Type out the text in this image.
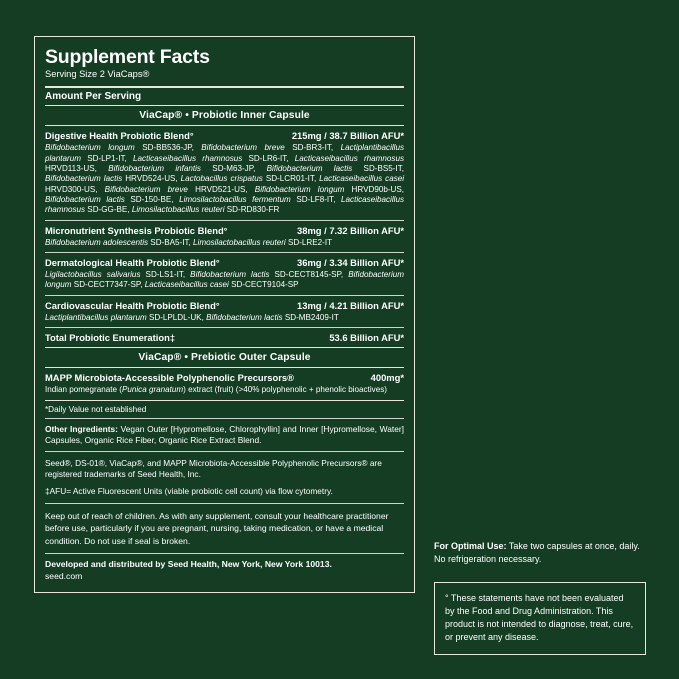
Supplement Facts
Serving Size 2 ViaCaps®
Amount Per Serving
ViaCap® • Probiotic Inner Capsule
Digestive Health Probiotic Blend°	215mg / 38.7 Billion AFU*
Bifidobacterium longum SD-BB536-JP, Bifidobacterium breve SD-BR3-IT, Lactiplantibacillus plantarum SD-LP1-IT, Lacticaseibacillus rhamnosus SD-LR6-IT, Lacticaseibacillus rhamnosus HRVD113-US, Bifidobacterium infantis SD-M63-JP, Bifidobacterium lactis SD-BS5-IT, Bifidobacterium lactis HRVD524-US, Lactobacillus crispatus SD-LCR01-IT, Lacticaseibacillus casei HRVD300-US, Bifidobacterium breve HRVD521-US, Bifidobacterium longum HRVD90b-US, Bifidobacterium lactis SD-150-BE, Limosilactobacillus fermentum SD-LF8-IT, Lacticaseibacillus rhamnosus SD-GG-BE, Limosilactobacillus reuteri SD-RD830-FR
Micronutrient Synthesis Probiotic Blend°	38mg / 7.32 Billion AFU*
Bifidobacterium adolescentis SD-BA5-IT, Limosilactobacillus reuteri SD-LRE2-IT
Dermatological Health Probiotic Blend°	36mg / 3.34 Billion AFU*
Ligilactobacillus salivarius SD-LS1-IT, Bifidobacterium lactis SD-CECT8145-SP, Bifidobacterium longum SD-CECT7347-SP, Lacticaseibacillus casei SD-CECT9104-SP
Cardiovascular Health Probiotic Blend°	13mg / 4.21 Billion AFU*
Lactiplantibacillus plantarum SD-LPLDL-UK, Bifidobacterium lactis SD-MB2409-IT
Total Probiotic Enumeration‡	53.6 Billion AFU*
ViaCap® • Prebiotic Outer Capsule
MAPP Microbiota-Accessible Polyphenolic Precursors®	400mg*
Indian pomegranate (Punica granatum) extract (fruit) (>40% polyphenolic + phenolic bioactives)
*Daily Value not established
Other Ingredients: Vegan Outer [Hypromellose, Chlorophyllin] and Inner [Hypromellose, Water] Capsules, Organic Rice Fiber, Organic Rice Extract Blend.
Seed®, DS-01®, ViaCap®, and MAPP Microbiota-Accessible Polyphenolic Precursors® are registered trademarks of Seed Health, Inc.
‡AFU= Active Fluorescent Units (viable probiotic cell count) via flow cytometry.
Keep out of reach of children. As with any supplement, consult your healthcare practitioner before use, particularly if you are pregnant, nursing, taking medication, or have a medical condition. Do not use if seal is broken.
Developed and distributed by Seed Health, New York, New York 10013.
seed.com
For Optimal Use: Take two capsules at once, daily. No refrigeration necessary.
° These statements have not been evaluated by the Food and Drug Administration. This product is not intended to diagnose, treat, cure, or prevent any disease.
